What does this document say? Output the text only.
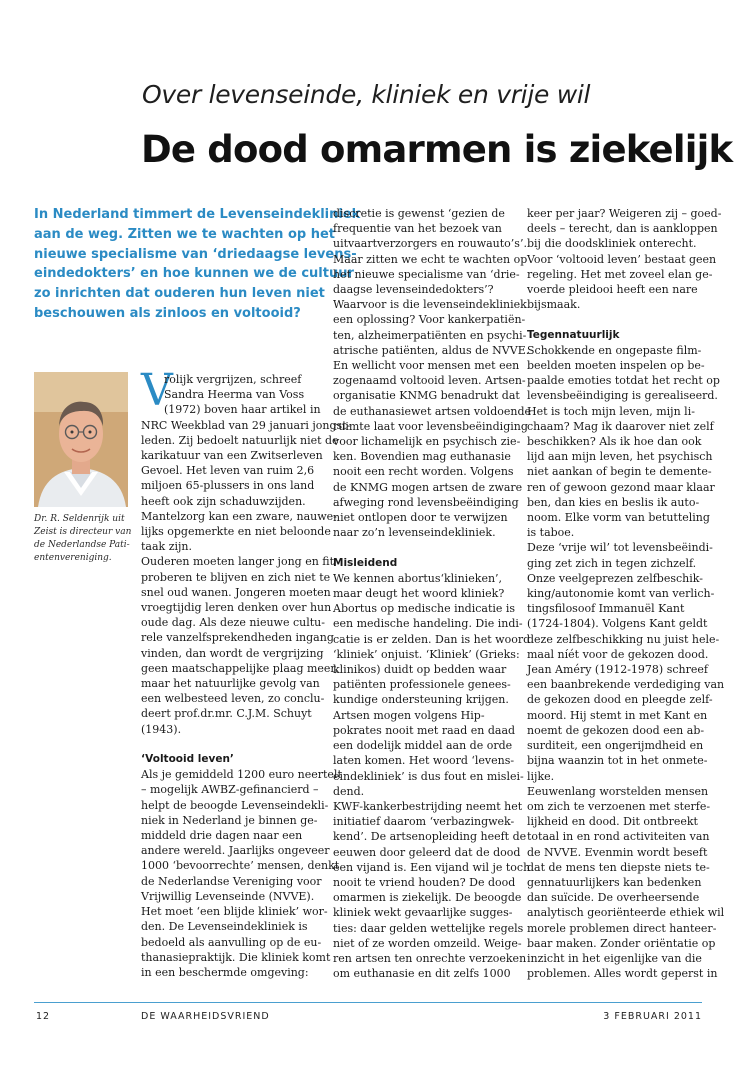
Over levenseinde, kliniek en vrije wil
De dood omarmen is ziekelijk

In Nederland timmert de Levenseindekliniek

aan de weg. Zitten we te wachten op het

nieuwe specialisme van ‘driedaagse levens-

eindedokters’ en hoe kunnen we de cultuur

zo inrichten dat ouderen hun leven niet

beschouwen als zinloos en voltooid?

Dr. R. Seldenrijk uit

Zeist is directeur van

de Nederlandse Pati-

entenvereniging.

V

rolijk vergrijzen, schreef

Sandra Heerma van Voss

(1972) boven haar artikel in

NRC Weekblad van 29 januari jongst-

leden. Zij bedoelt natuurlijk niet de

karikatuur van een Zwitserleven

Gevoel. Het leven van ruim 2,6

miljoen 65-plussers in ons land

heeft ook zijn schaduwzijden.

Mantelzorg kan een zware, nauwe-

lijks opgemerkte en niet beloonde

taak zijn.

Ouderen moeten langer jong en fit

proberen te blijven en zich niet te

snel oud wanen. Jongeren moeten

vroegtijdig leren denken over hun

oude dag. Als deze nieuwe cultu-

rele vanzelfsprekendheden ingang

vinden, dan wordt de vergrijzing

geen maatschappelijke plaag meer,

maar het natuurlijke gevolg van

een welbesteed leven, zo conclu-

deert prof.dr.mr. C.J.M. Schuyt

(1943).

‘Voltooid leven’

Als je gemiddeld 1200 euro neertelt

– mogelijk AWBZ-gefinancierd –

helpt de beoogde Levenseindekli-

niek in Nederland je binnen ge-

middeld drie dagen naar een

andere wereld. Jaarlijks ongeveer

1000 ‘bevoorrechte’ mensen, denkt

de Nederlandse Vereniging voor

Vrijwillig Levenseinde (NVVE).

Het moet ‘een blijde kliniek’ wor-

den. De Levenseindekliniek is

bedoeld als aanvulling op de eu-

thanasiepraktijk. Die kliniek komt

in een beschermde omgeving:

discretie is gewenst ‘gezien de

frequentie van het bezoek van

uitvaartverzorgers en rouwauto’s’.

Maar zitten we echt te wachten op

het nieuwe specialisme van ‘drie-

daagse levenseindedokters’?

Waarvoor is die levenseindekliniek

een oplossing? Voor kankerpatiën-

ten, alzheimerpatiënten en psychi-

atrische patiënten, aldus de NVVE.

En wellicht voor mensen met een

zogenaamd voltooid leven. Artsen-

organisatie KNMG benadrukt dat

de euthanasiewet artsen voldoende

ruimte laat voor levensbeëindiging

voor lichamelijk en psychisch zie-

ken. Bovendien mag euthanasie

nooit een recht worden. Volgens

de KNMG mogen artsen de zware

afweging rond levensbeëindiging

niet ontlopen door te verwijzen

naar zo’n levenseindekliniek.

Misleidend

We kennen abortus‘klinieken’,

maar deugt het woord kliniek?

Abortus op medische indicatie is

een medische handeling. Die indi-

catie is er zelden. Dan is het woord

‘kliniek’ onjuist. ‘Kliniek’ (Grieks:

klinikos) duidt op bedden waar

patiënten professionele genees-

kundige ondersteuning krijgen.

Artsen mogen volgens Hip-

pokrates nooit met raad en daad

een dodelijk middel aan de orde

laten komen. Het woord ‘levens-

eindekliniek’ is dus fout en mislei-

dend.

KWF-kankerbestrijding neemt het

initiatief daarom ‘verbazingwek-

kend’. De artsenopleiding heeft de

eeuwen door geleerd dat de dood

een vijand is. Een vijand wil je toch

nooit te vriend houden? De dood

omarmen is ziekelijk. De beoogde

kliniek wekt gevaarlijke sugges-

ties: daar gelden wettelijke regels

niet of ze worden omzeild. Weige-

ren artsen ten onrechte verzoeken

om euthanasie en dit zelfs 1000

keer per jaar? Weigeren zij – goed-

deels – terecht, dan is aankloppen

bij die doodskliniek onterecht.

Voor ‘voltooid leven’ bestaat geen

regeling. Het met zoveel elan ge-

voerde pleidooi heeft een nare

bijsmaak.

Tegennatuurlijk

Schokkende en ongepaste film-

beelden moeten inspelen op be-

paalde emoties totdat het recht op

levensbeëindiging is gerealiseerd.

Het is toch mijn leven, mijn li-

chaam? Mag ik daarover niet zelf

beschikken? Als ik hoe dan ook

lijd aan mijn leven, het psychisch

niet aankan of begin te demente-

ren of gewoon gezond maar klaar

ben, dan kies en beslis ik auto-

noom. Elke vorm van betutteling

is taboe.

Deze ‘vrije wil’ tot levensbeëindi-

ging zet zich in tegen zichzelf.

Onze veelgeprezen zelfbeschik-

king/autonomie komt van verlich-

tingsfilosoof Immanuël Kant

(1724-1804). Volgens Kant geldt

deze zelfbeschikking nu juist hele-

maal níét voor de gekozen dood.

Jean Améry (1912-1978) schreef

een baanbrekende verdediging van

de gekozen dood en pleegde zelf-

moord. Hij stemt in met Kant en

noemt de gekozen dood een ab-

surditeit, een ongerijmdheid en

bijna waanzin tot in het onmete-

lijke.

Eeuwenlang worstelden mensen

om zich te verzoenen met sterfe-

lijkheid en dood. Dit ontbreekt

totaal in en rond activiteiten van

de NVVE. Evenmin wordt beseft

dat de mens ten diepste niets te-

gennatuurlijkers kan bedenken

dan suïcide. De overheersende

analytisch georiënteerde ethiek wil

morele problemen direct hanteer-

baar maken. Zonder oriëntatie op

inzicht in het eigenlijke van die

problemen. Alles wordt geperst in

12	DE WAARHEIDSVRIEND	3 FEBRUARI 2011
